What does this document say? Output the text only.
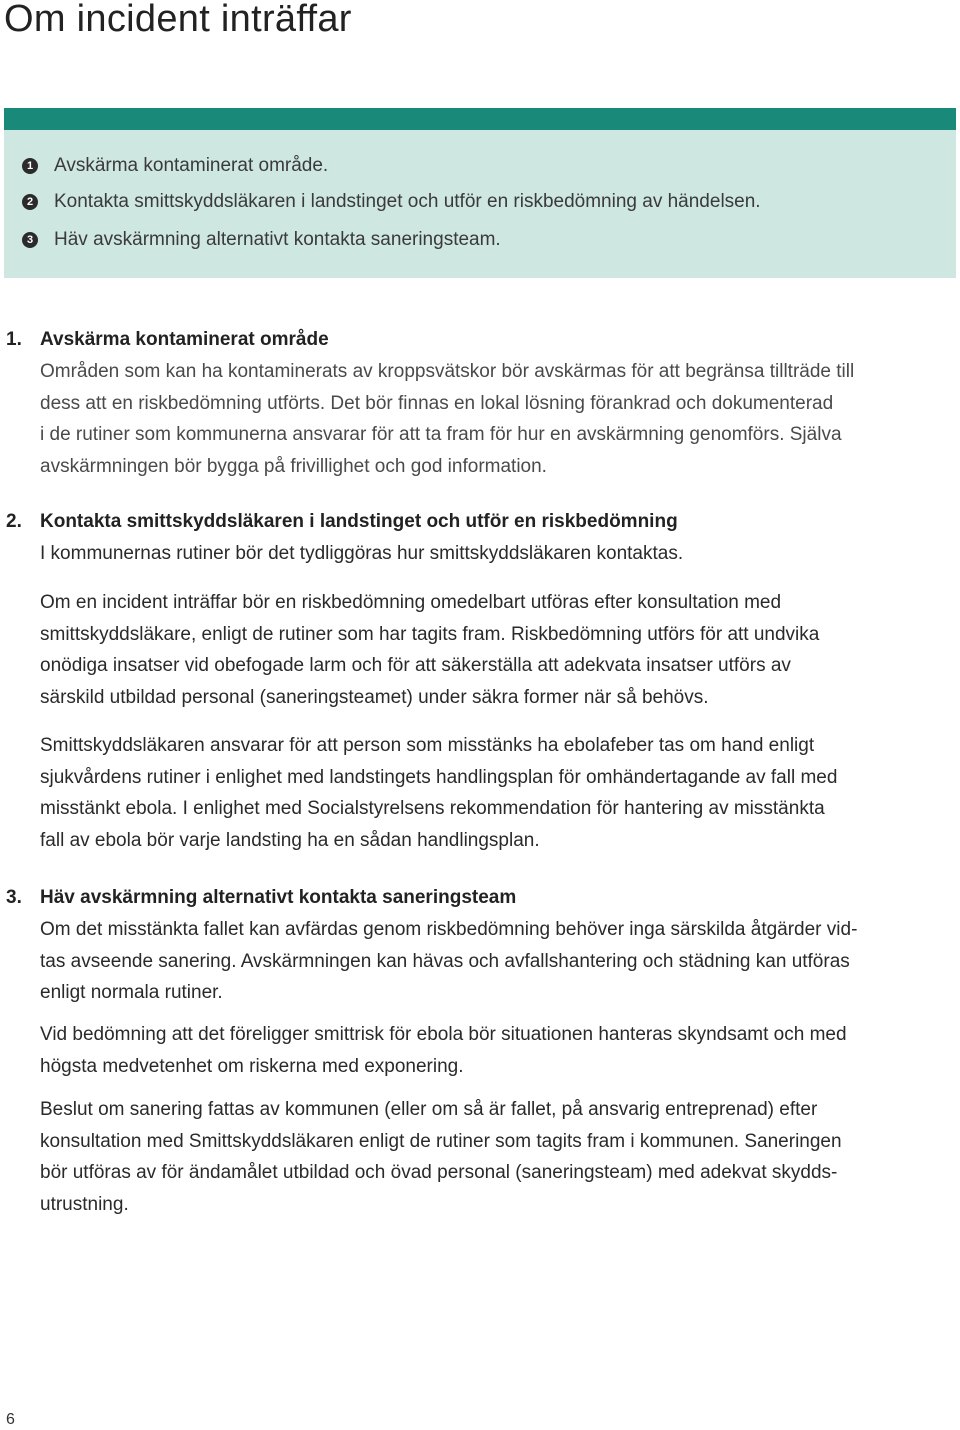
Om incident inträffar
1 Avskärma kontaminerat område.
2 Kontakta smittskyddsläkaren i landstinget och utför en riskbedömning av händelsen.
3 Häv avskärmning alternativt kontakta saneringsteam.
1. Avskärma kontaminerat område
Områden som kan ha kontaminerats av kroppsvätskor bör avskärmas för att begränsa tillträde till
dess att en riskbedömning utförts. Det bör finnas en lokal lösning förankrad och dokumenterad
i de rutiner som kommunerna ansvarar för att ta fram för hur en avskärmning genomförs. Själva
avskärmningen bör bygga på frivillighet och god information.
2. Kontakta smittskyddsläkaren i landstinget och utför en riskbedömning
I kommunernas rutiner bör det tydliggöras hur smittskyddsläkaren kontaktas.
Om en incident inträffar bör en riskbedömning omedelbart utföras efter konsultation med
smittskyddsläkare, enligt de rutiner som har tagits fram. Riskbedömning utförs för att undvika
onödiga insatser vid obefogade larm och för att säkerställa att adekvata insatser utförs av
särskild utbildad personal (saneringsteamet) under säkra former när så behövs.
Smittskyddsläkaren ansvarar för att person som misstänks ha ebolafeber tas om hand enligt
sjukvårdens rutiner i enlighet med landstingets handlingsplan för omhändertagande av fall med
misstänkt ebola. I enlighet med Socialstyrelsens rekommendation för hantering av misstänkta
fall av ebola bör varje landsting ha en sådan handlingsplan.
3. Häv avskärmning alternativt kontakta saneringsteam
Om det misstänkta fallet kan avfärdas genom riskbedömning behöver inga särskilda åtgärder vid-
tas avseende sanering. Avskärmningen kan hävas och avfallshantering och städning kan utföras
enligt normala rutiner.
Vid bedömning att det föreligger smittrisk för ebola bör situationen hanteras skyndsamt och med
högsta medvetenhet om riskerna med exponering.
Beslut om sanering fattas av kommunen (eller om så är fallet, på ansvarig entreprenad) efter
konsultation med Smittskyddsläkaren enligt de rutiner som tagits fram i kommunen. Saneringen
bör utföras av för ändamålet utbildad och övad personal (saneringsteam) med adekvat skydds-
utrustning.
6
